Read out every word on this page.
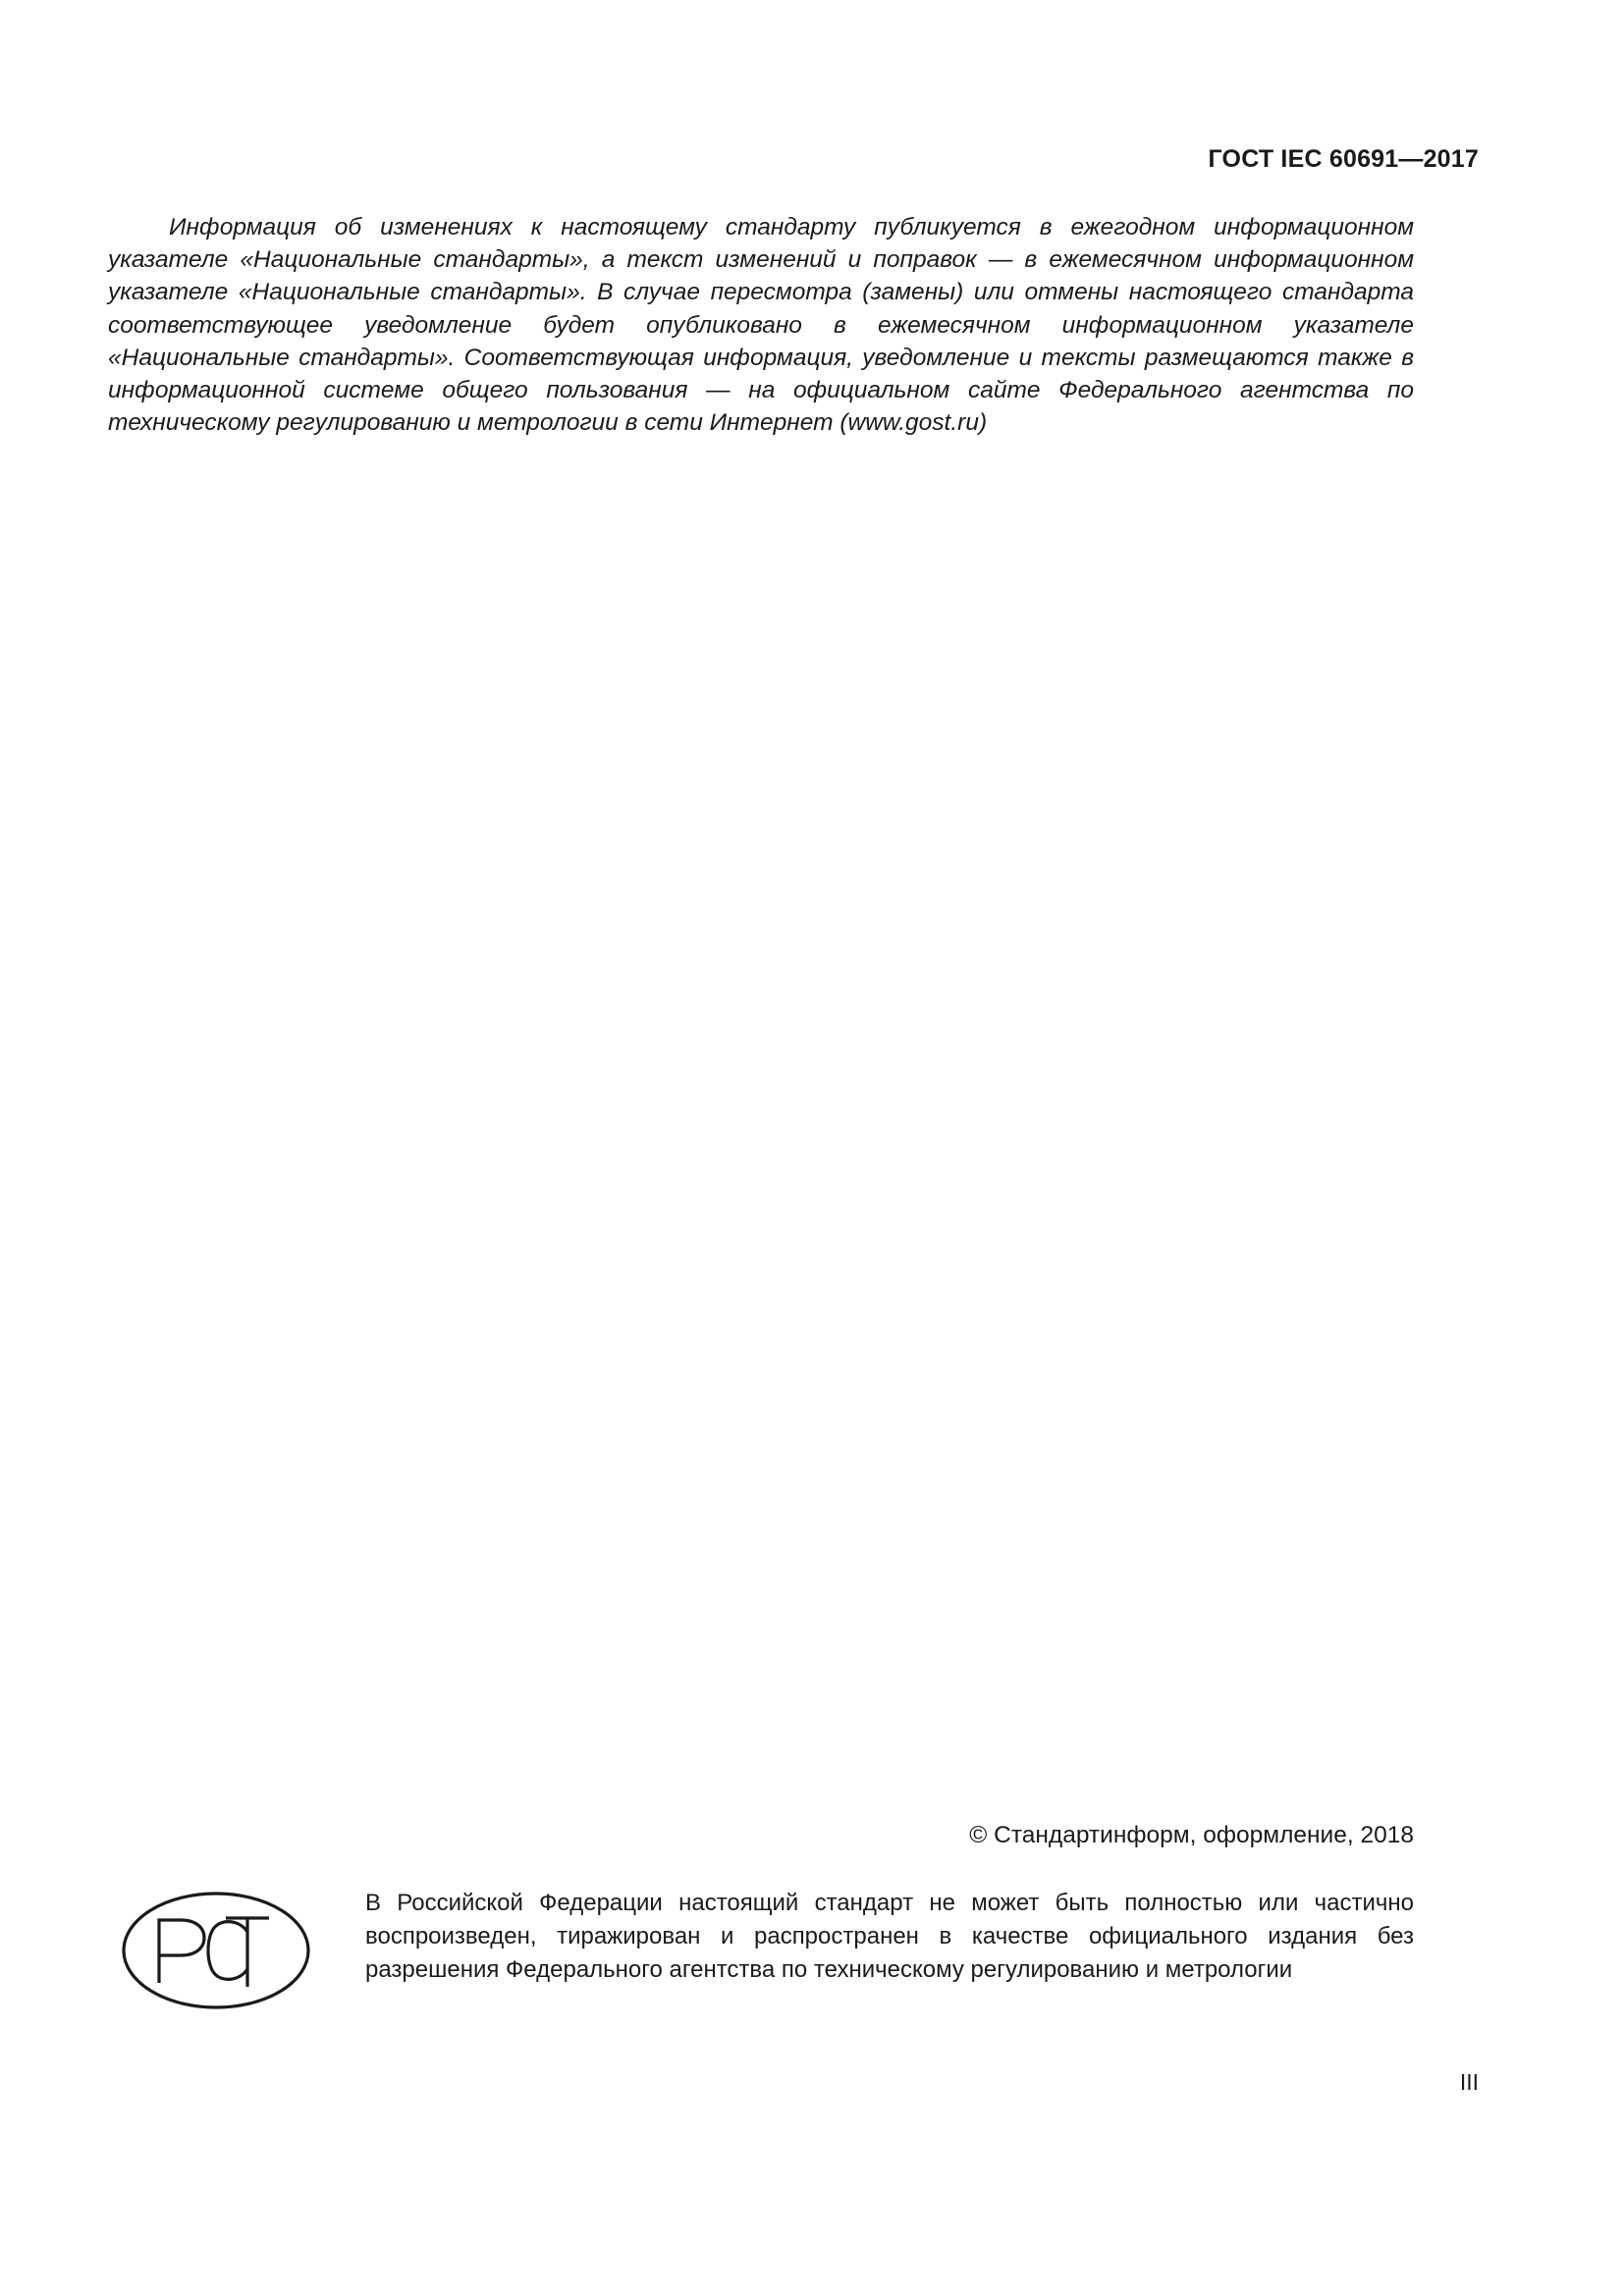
ГОСТ IEC 60691—2017
Информация об изменениях к настоящему стандарту публикуется в ежегодном информационном указателе «Национальные стандарты», а текст изменений и поправок — в ежемесячном информационном указателе «Национальные стандарты». В случае пересмотра (замены) или отмены настоящего стандарта соответствующее уведомление будет опубликовано в ежемесячном информационном указателе «Национальные стандарты». Соответствующая информация, уведомление и тексты размещаются также в информационной системе общего пользования — на официальном сайте Федерального агентства по техническому регулированию и метрологии в сети Интернет (www.gost.ru)
© Стандартинформ, оформление, 2018
В Российской Федерации настоящий стандарт не может быть полностью или частично воспроизведен, тиражирован и распространен в качестве официального издания без разрешения Федерального агентства по техническому регулированию и метрологии
III
